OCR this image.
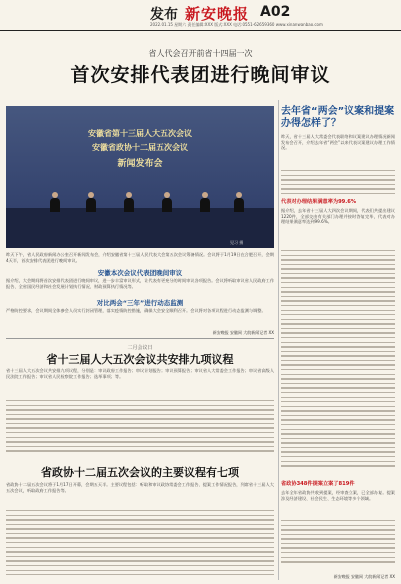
发布 新安晚报 A02
2022.01.15 星期六 责任编辑:XXX 版式:XXX 电话:0551-62659360 www.xinanwanbao.com
省人代会召开前省十四届一次
首次安排代表团进行晚间审议
安徽省第十三届人大五次会议
安徽省政协十二届五次会议
新闻发布会
见习 摄
昨天下午，省人民政府新闻办公室召开新闻发布会，介绍安徽省第十三届人民代表大会第五次会议筹备情况。会议将于1月19日在合肥召开，会期4天半，首次安排代表团进行晚间审议。
安徽本次会议代表团晚间审议
据介绍，大会期间将首次安排代表团进行晚间审议，进一步丰富审议形式，让代表有更充分的时间审议各项报告。会议将听取审议省人民政府工作报告、全省国民经济和社会发展计划执行情况、财政预算执行情况等。
对比两会“三年”进行动态监测
严格防控要求，会议期间全体参会人员实行封闭管理，落实疫情防控措施，确保大会安全顺利召开。会议将对各项议程进行动态监测与调整。
新安晚报 安徽网 大皖新闻记者 XX
二月会议日
省十三届人大五次会议共安排九项议程
省十三届人大五次会议共安排九项议程，分别是：审议政府工作报告；审议计划报告；审议预算报告；审议省人大常委会工作报告；审议省高级人民法院工作报告；审议省人民检察院工作报告；选举事项；等。
省政协十二届五次会议的主要议程有七项
省政协十二届五次会议将于1月17日开幕，会期五天半。主要议程包括：听取和审议政协常委会工作报告、提案工作情况报告，列席省十三届人大五次会议，听取政府工作报告等。
去年省“两会”议案和提案办得怎样了？
昨天，省十三届人大常委会代表联络和议案建议办理情况新闻发布会召开，介绍去年省“两会”以来代表议案建议办理工作情况。
代表对办理结果满意率为99.6%
据介绍，去年省十三届人大四次会议期间，代表们共提出建议1220件，全部交由有关部门办理并按时答复完毕，代表对办理结果满意率达到99.6%。
省政协348件提案立案了819件
去年全年省政协共收到提案，经审查立案，已全部办复。提案涉及经济建设、社会民生、生态环境等多个领域。
新安晚报 安徽网 大皖新闻记者 XX
